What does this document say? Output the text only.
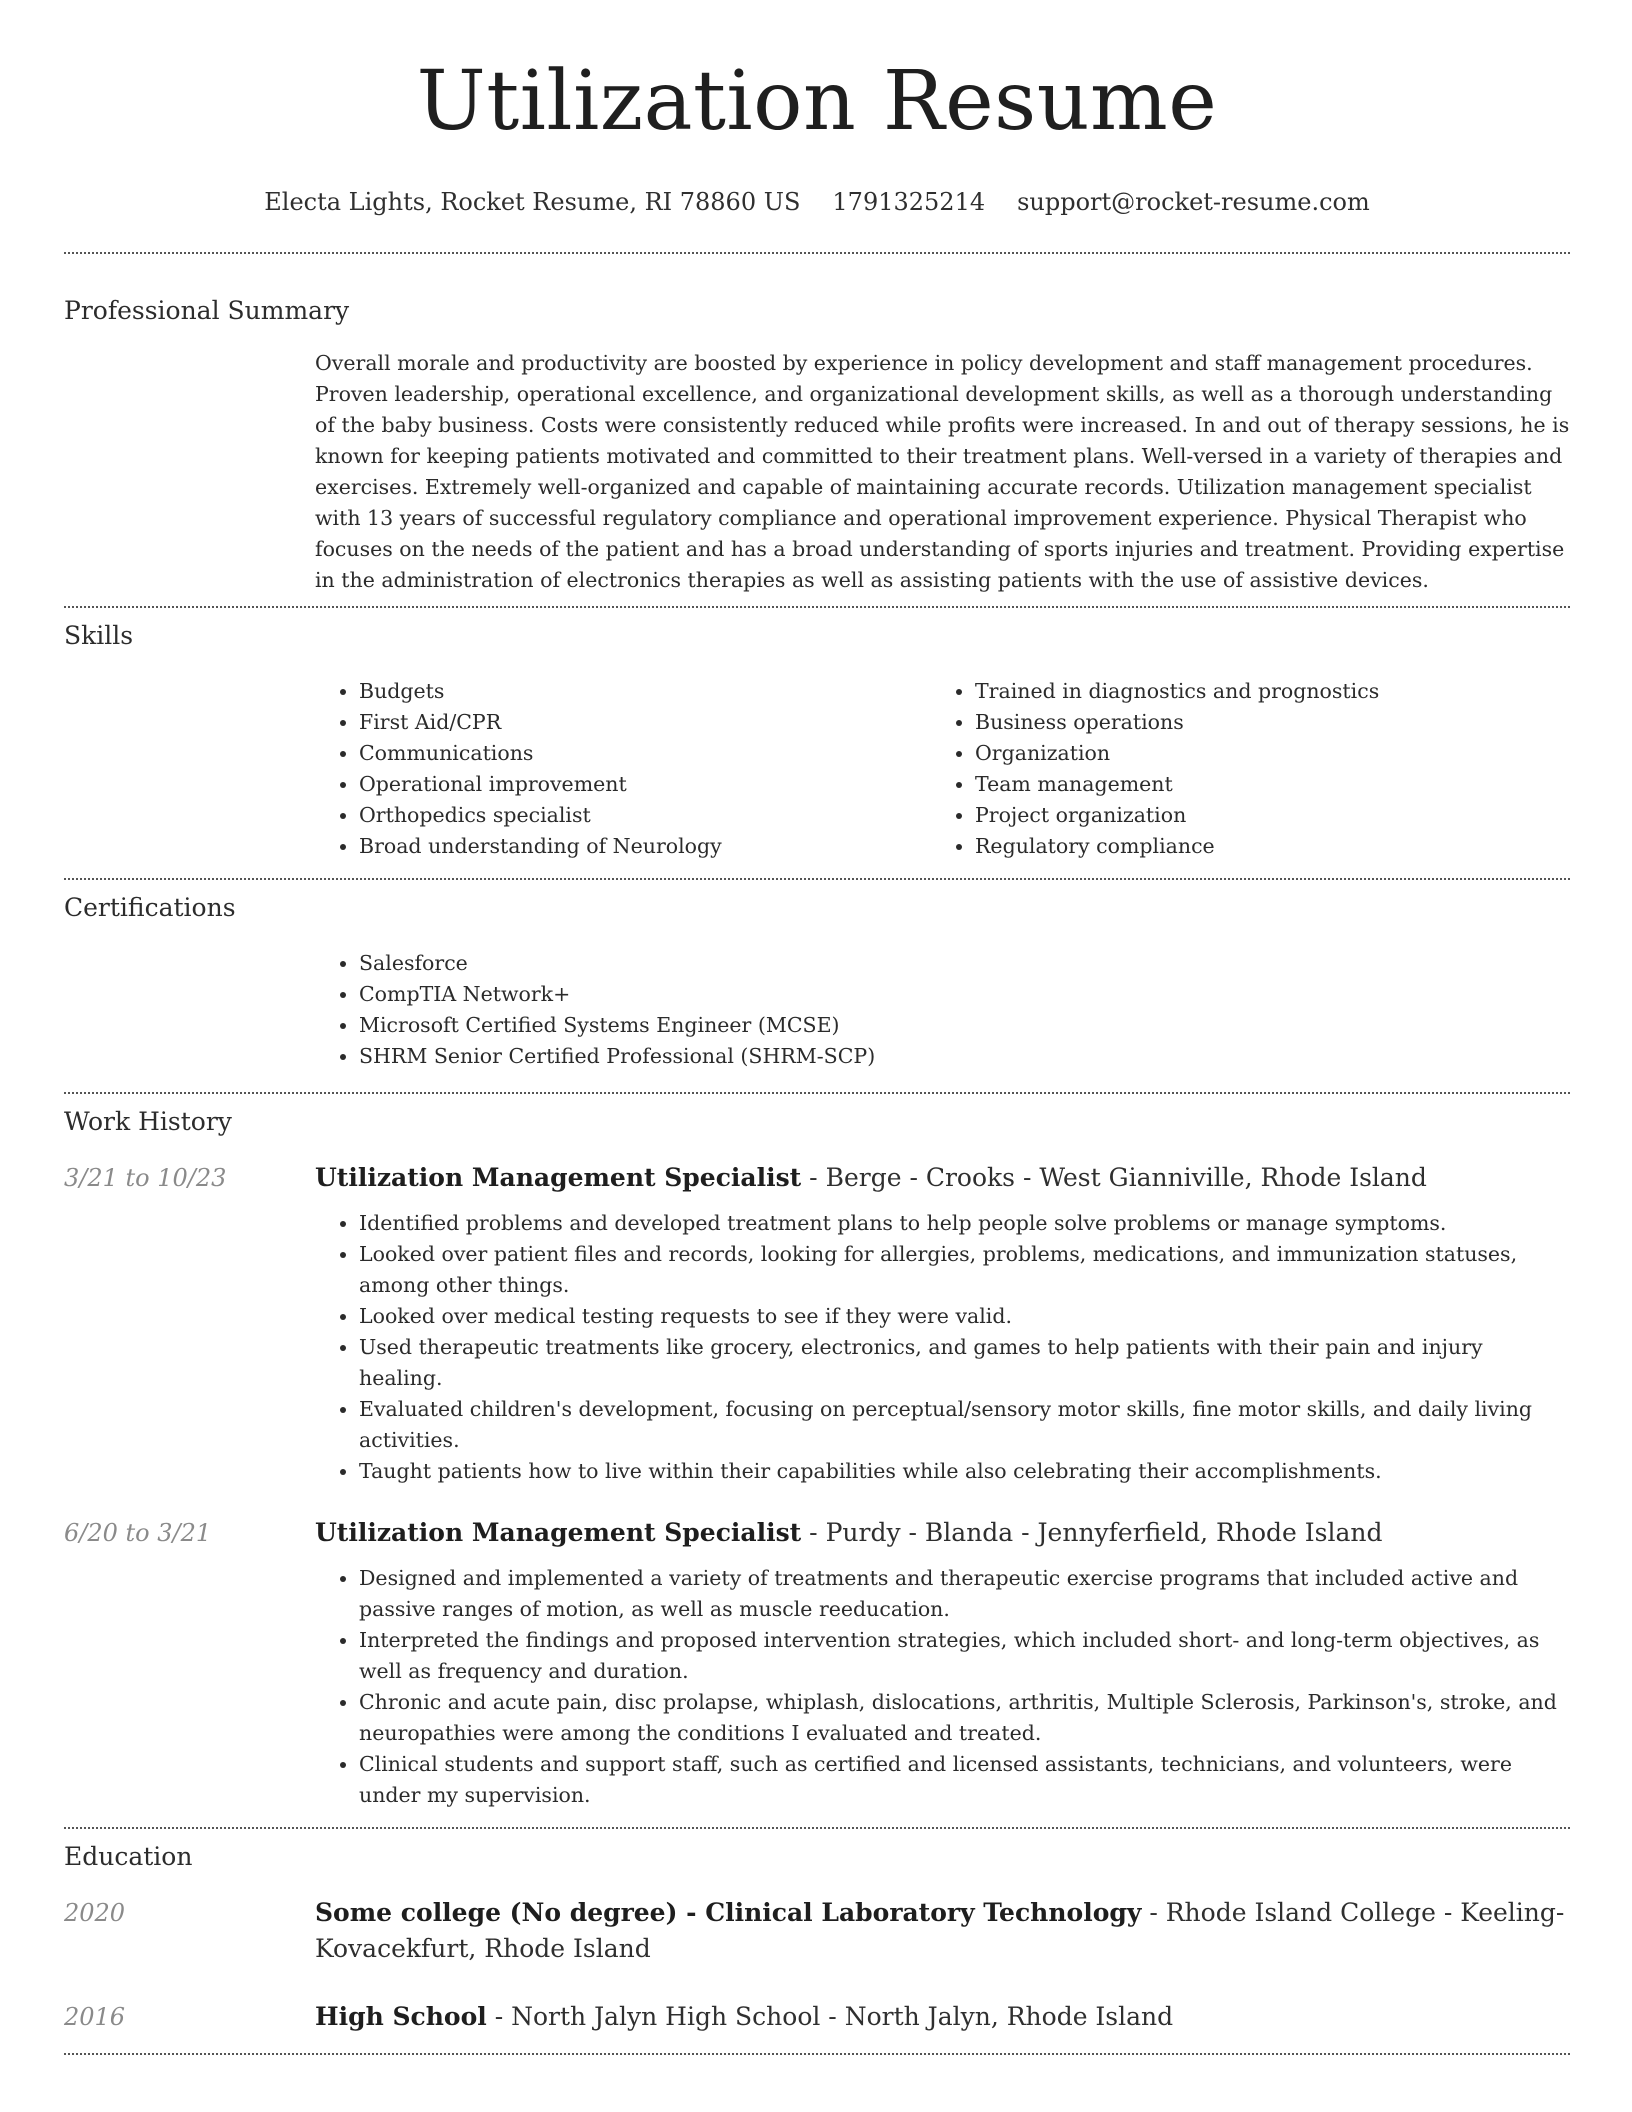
Utilization Resume
Electa Lights, Rocket Resume, RI 78860 US 1791325214 support@rocket-resume.com
Professional Summary
Overall morale and productivity are boosted by experience in policy development and staff management procedures. Proven leadership, operational excellence, and organizational development skills, as well as a thorough understanding of the baby business. Costs were consistently reduced while profits were increased. In and out of therapy sessions, he is known for keeping patients motivated and committed to their treatment plans. Well-versed in a variety of therapies and exercises. Extremely well-organized and capable of maintaining accurate records. Utilization management specialist with 13 years of successful regulatory compliance and operational improvement experience. Physical Therapist who focuses on the needs of the patient and has a broad understanding of sports injuries and treatment. Providing expertise in the administration of electronics therapies as well as assisting patients with the use of assistive devices.
Skills
• Budgets
• First Aid/CPR
• Communications
• Operational improvement
• Orthopedics specialist
• Broad understanding of Neurology
• Trained in diagnostics and prognostics
• Business operations
• Organization
• Team management
• Project organization
• Regulatory compliance
Certifications
• Salesforce
• CompTIA Network+
• Microsoft Certified Systems Engineer (MCSE)
• SHRM Senior Certified Professional (SHRM-SCP)
Work History
3/21 to 10/23	Utilization Management Specialist - Berge - Crooks - West Gianniville, Rhode Island
• Identified problems and developed treatment plans to help people solve problems or manage symptoms.
• Looked over patient files and records, looking for allergies, problems, medications, and immunization statuses, among other things.
• Looked over medical testing requests to see if they were valid.
• Used therapeutic treatments like grocery, electronics, and games to help patients with their pain and injury healing.
• Evaluated children's development, focusing on perceptual/sensory motor skills, fine motor skills, and daily living activities.
• Taught patients how to live within their capabilities while also celebrating their accomplishments.
6/20 to 3/21	Utilization Management Specialist - Purdy - Blanda - Jennyferfield, Rhode Island
• Designed and implemented a variety of treatments and therapeutic exercise programs that included active and passive ranges of motion, as well as muscle reeducation.
• Interpreted the findings and proposed intervention strategies, which included short- and long-term objectives, as well as frequency and duration.
• Chronic and acute pain, disc prolapse, whiplash, dislocations, arthritis, Multiple Sclerosis, Parkinson's, stroke, and neuropathies were among the conditions I evaluated and treated.
• Clinical students and support staff, such as certified and licensed assistants, technicians, and volunteers, were under my supervision.
Education
2020	Some college (No degree) - Clinical Laboratory Technology - Rhode Island College - Keeling-Kovacekfurt, Rhode Island
2016	High School - North Jalyn High School - North Jalyn, Rhode Island
